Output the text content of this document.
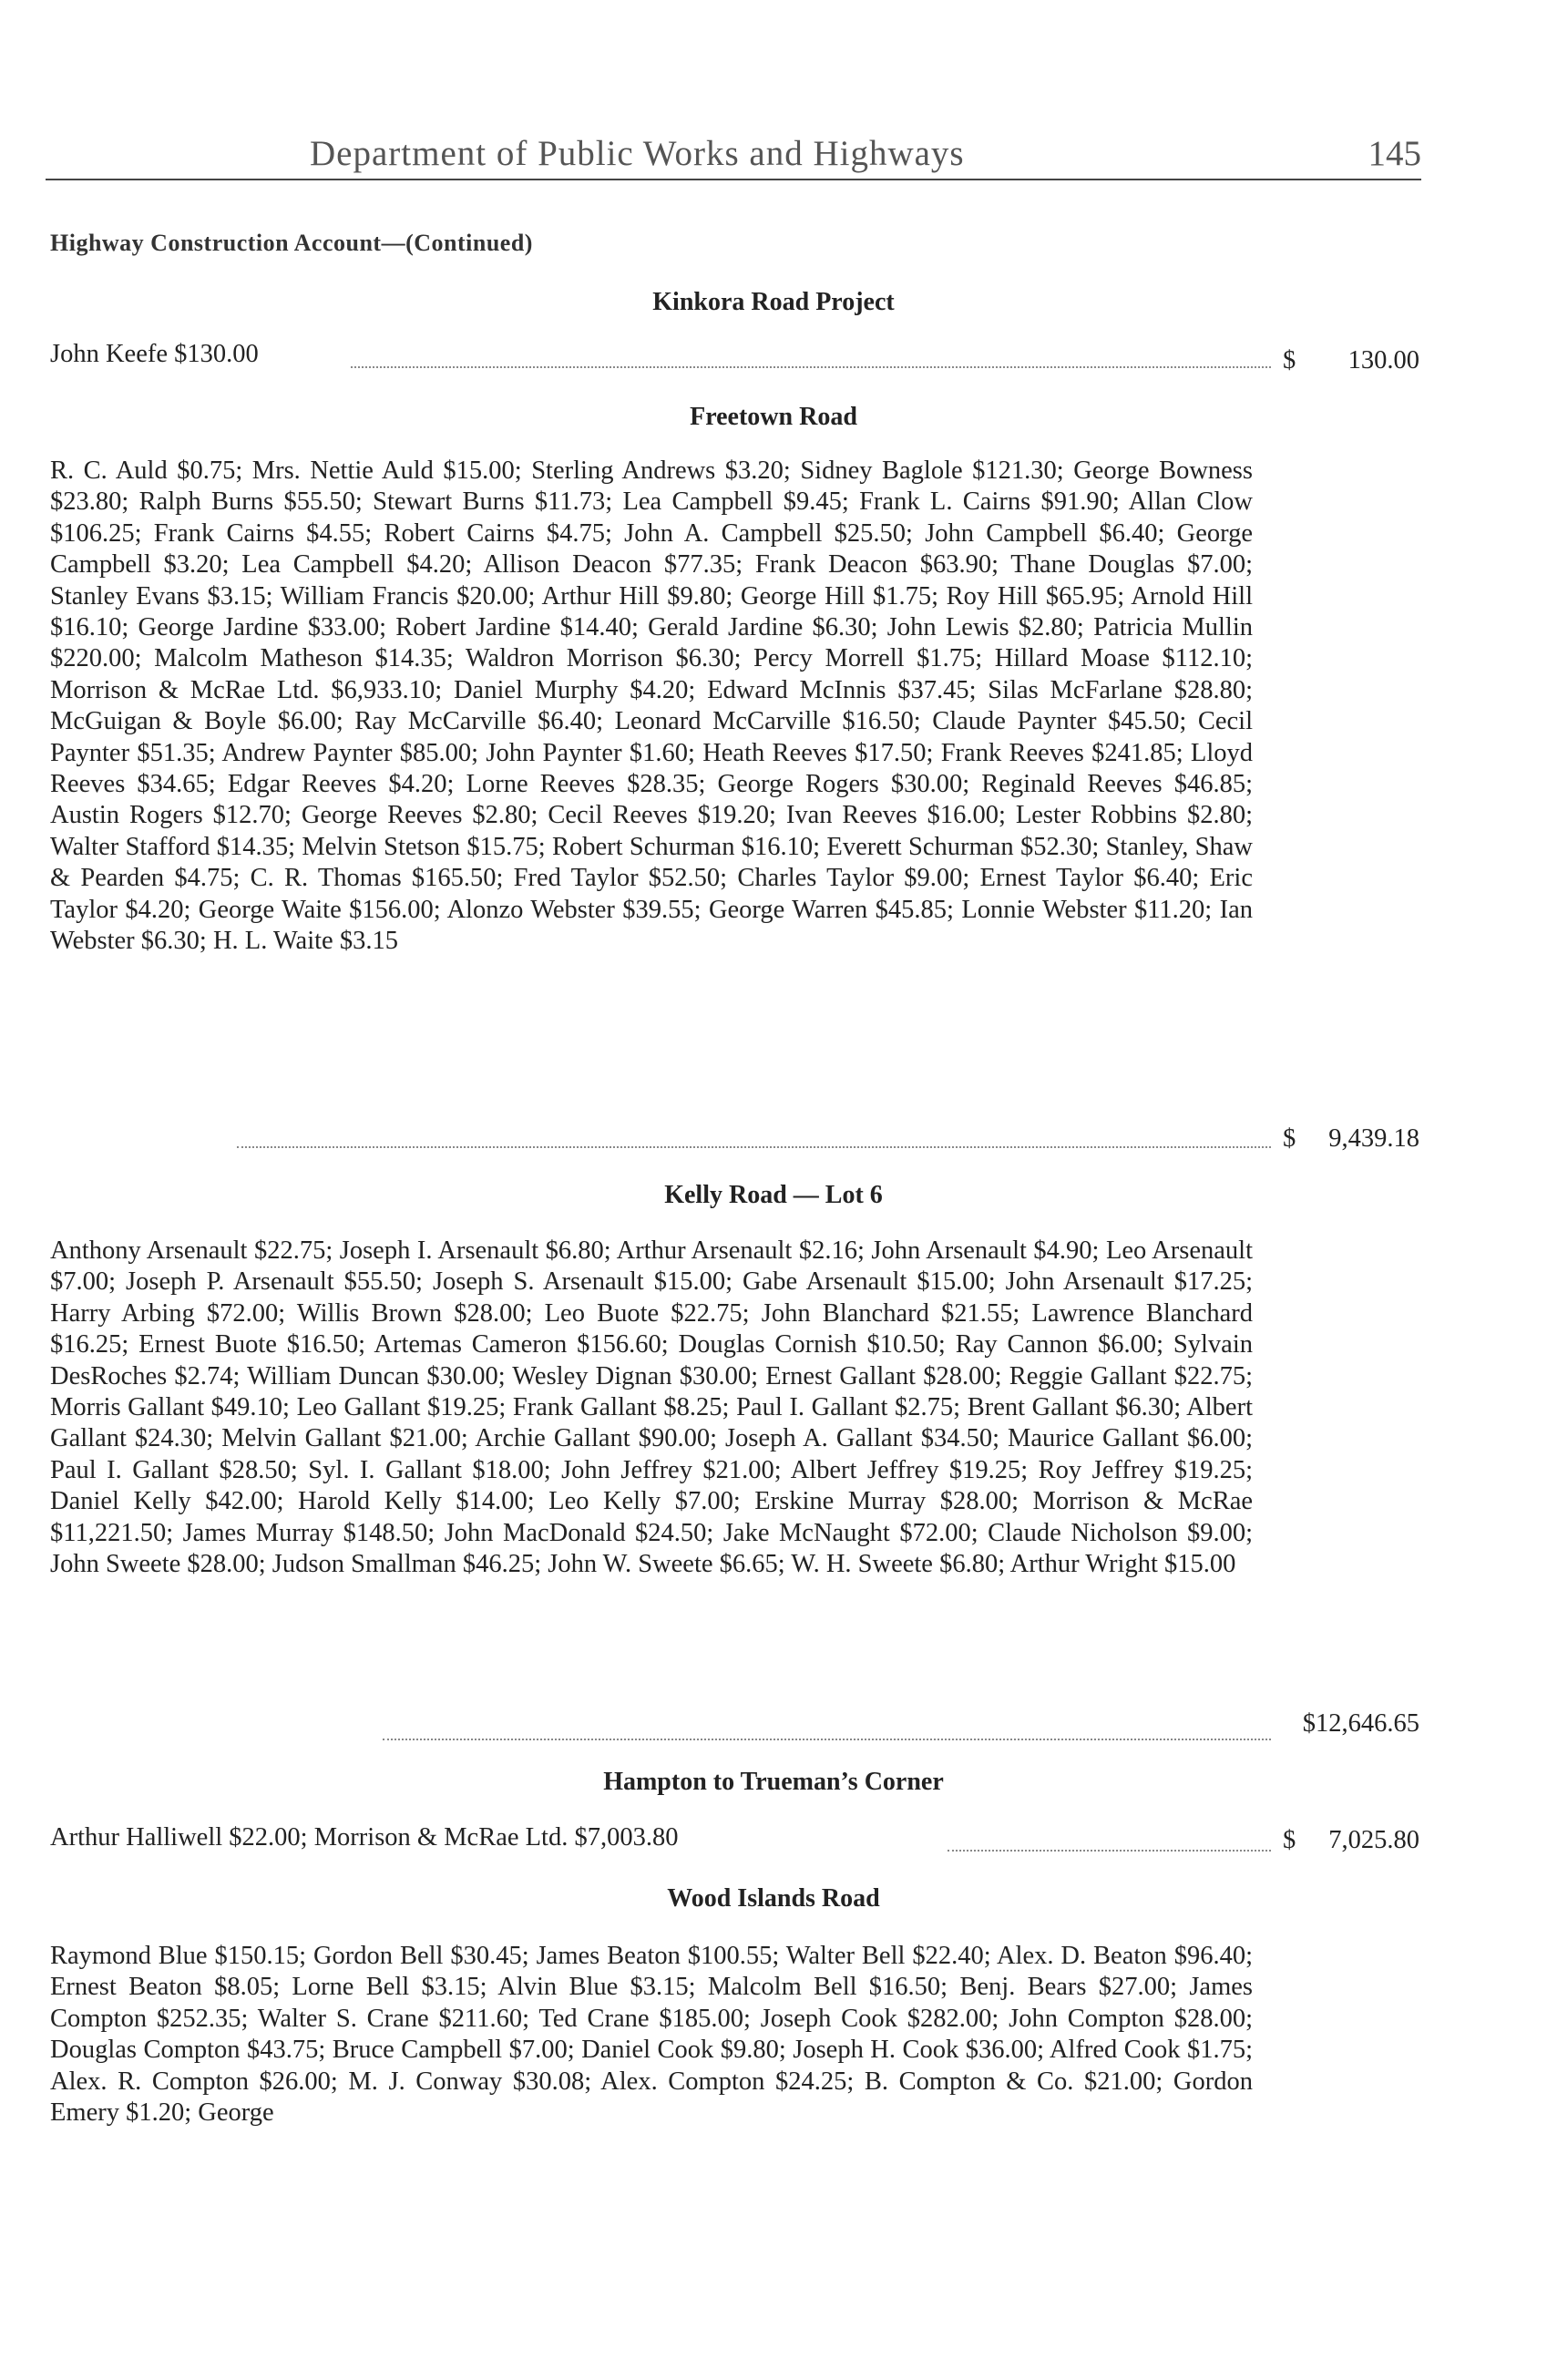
Department of Public Works and Highways	145
Highway Construction Account—(Continued)
Kinkora Road Project
John Keefe $130.00	$ 130.00
Freetown Road
R. C. Auld $0.75; Mrs. Nettie Auld $15.00; Sterling Andrews $3.20; Sidney Baglole $121.30; George Bowness $23.80; Ralph Burns $55.50; Stewart Burns $11.73; Lea Campbell $9.45; Frank L. Cairns $91.90; Allan Clow $106.25; Frank Cairns $4.55; Robert Cairns $4.75; John A. Campbell $25.50; John Campbell $6.40; George Campbell $3.20; Lea Campbell $4.20; Allison Deacon $77.35; Frank Deacon $63.90; Thane Douglas $7.00; Stanley Evans $3.15; William Francis $20.00; Arthur Hill $9.80; George Hill $1.75; Roy Hill $65.95; Arnold Hill $16.10; George Jardine $33.00; Robert Jardine $14.40; Gerald Jardine $6.30; John Lewis $2.80; Patricia Mullin $220.00; Malcolm Matheson $14.35; Waldron Morrison $6.30; Percy Morrell $1.75; Hillard Moase $112.10; Morrison & McRae Ltd. $6,933.10; Daniel Murphy $4.20; Edward McInnis $37.45; Silas McFarlane $28.80; McGuigan & Boyle $6.00; Ray McCarville $6.40; Leonard McCarville $16.50; Claude Paynter $45.50; Cecil Paynter $51.35; Andrew Paynter $85.00; John Paynter $1.60; Heath Reeves $17.50; Frank Reeves $241.85; Lloyd Reeves $34.65; Edgar Reeves $4.20; Lorne Reeves $28.35; George Rogers $30.00; Reginald Reeves $46.85; Austin Rogers $12.70; George Reeves $2.80; Cecil Reeves $19.20; Ivan Reeves $16.00; Lester Robbins $2.80; Walter Stafford $14.35; Melvin Stetson $15.75; Robert Schurman $16.10; Everett Schurman $52.30; Stanley, Shaw & Pearden $4.75; C. R. Thomas $165.50; Fred Taylor $52.50; Charles Taylor $9.00; Ernest Taylor $6.40; Eric Taylor $4.20; George Waite $156.00; Alonzo Webster $39.55; George Warren $45.85; Lonnie Webster $11.20; Ian Webster $6.30; H. L. Waite $3.15
$ 9,439.18
Kelly Road — Lot 6
Anthony Arsenault $22.75; Joseph I. Arsenault $6.80; Arthur Arsenault $2.16; John Arsenault $4.90; Leo Arsenault $7.00; Joseph P. Arsenault $55.50; Joseph S. Arsenault $15.00; Gabe Arsenault $15.00; John Arsenault $17.25; Harry Arbing $72.00; Willis Brown $28.00; Leo Buote $22.75; John Blanchard $21.55; Lawrence Blanchard $16.25; Ernest Buote $16.50; Artemas Cameron $156.60; Douglas Cornish $10.50; Ray Cannon $6.00; Sylvain DesRoches $2.74; William Duncan $30.00; Wesley Dignan $30.00; Ernest Gallant $28.00; Reggie Gallant $22.75; Morris Gallant $49.10; Leo Gallant $19.25; Frank Gallant $8.25; Paul I. Gallant $2.75; Brent Gallant $6.30; Albert Gallant $24.30; Melvin Gallant $21.00; Archie Gallant $90.00; Joseph A. Gallant $34.50; Maurice Gallant $6.00; Paul I. Gallant $28.50; Syl. I. Gallant $18.00; John Jeffrey $21.00; Albert Jeffrey $19.25; Roy Jeffrey $19.25; Daniel Kelly $42.00; Harold Kelly $14.00; Leo Kelly $7.00; Erskine Murray $28.00; Morrison & McRae $11,221.50; James Murray $148.50; John MacDonald $24.50; Jake McNaught $72.00; Claude Nicholson $9.00; John Sweete $28.00; Judson Smallman $46.25; John W. Sweete $6.65; W. H. Sweete $6.80; Arthur Wright $15.00
$12,646.65
Hampton to Trueman’s Corner
Arthur Halliwell $22.00; Morrison & McRae Ltd. $7,003.80	$ 7,025.80
Wood Islands Road
Raymond Blue $150.15; Gordon Bell $30.45; James Beaton $100.55; Walter Bell $22.40; Alex. D. Beaton $96.40; Ernest Beaton $8.05; Lorne Bell $3.15; Alvin Blue $3.15; Malcolm Bell $16.50; Benj. Bears $27.00; James Compton $252.35; Walter S. Crane $211.60; Ted Crane $185.00; Joseph Cook $282.00; John Compton $28.00; Douglas Compton $43.75; Bruce Campbell $7.00; Daniel Cook $9.80; Joseph H. Cook $36.00; Alfred Cook $1.75; Alex. R. Compton $26.00; M. J. Conway $30.08; Alex. Compton $24.25; B. Compton & Co. $21.00; Gordon Emery $1.20; George
